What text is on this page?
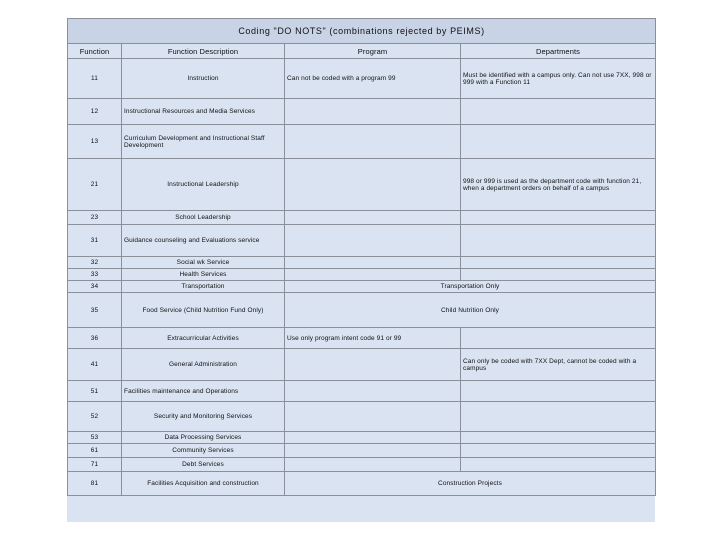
Coding "DO NOTS" (combinations rejected by PEIMS)			
Function	Function Description	Program	Departments
11	Instruction	Can not be coded with a program 99	Must be identified with a campus only. Can not use 7XX, 998 or 999 with a Function 11
12	Instructional Resources and Media Services		
13	Curriculum Development and Instructional Staff Development		
21	Instructional Leadership		998 or 999 is used as the department code with function 21, when a department orders on behalf of a campus
23	School Leadership		
31	Guidance counseling and Evaluations service		
32	Social wk Service		
33	Health Services		
34	Transportation	Transportation Only	
35	Food Service (Child Nutrition Fund Only)	Child Nutrition Only	
36	Extracurricular Activities	Use only program intent code 91 or 99	
41	General Administration		Can only be coded with 7XX Dept, cannot be coded with a campus
51	Facilities maintenance and Operations		
52	Security and Monitoring Services		
53	Data Processing Services		
61	Community Services		
71	Debt Services		
81	Facilities Acquisition and construction	Construction Projects	
